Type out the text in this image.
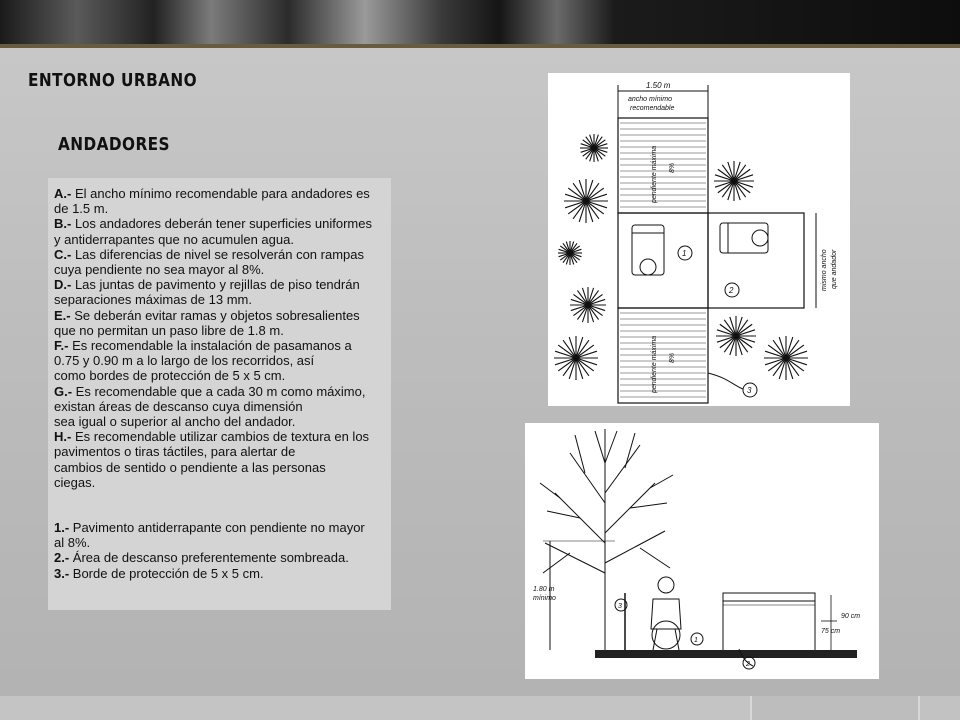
ENTORNO URBANO
ANDADORES

A.- El ancho mínimo recomendable para andadores es
de 1.5 m.

B.- Los andadores deberán tener superficies uniformes
y antiderrapantes que no acumulen agua.

C.- Las diferencias de nivel se resolverán con rampas
cuya pendiente no sea mayor al 8%.

D.- Las juntas de pavimento y rejillas de piso tendrán
separaciones máximas de 13 mm.

E.- Se deberán evitar ramas y objetos sobresalientes
que no permitan un paso libre de 1.8 m.

F.- Es recomendable la instalación de pasamanos a
0.75 y 0.90 m a lo largo de los recorridos, así
como bordes de protección de 5 x 5 cm.

G.- Es recomendable que a cada 30 m como máximo,
existan áreas de descanso cuya dimensión
sea igual o superior al ancho del andador.

H.- Es recomendable utilizar cambios de textura en los
pavimentos o tiras táctiles, para alertar de
cambios de sentido o pendiente a las personas
ciegas.

1.- Pavimento antiderrapante con pendiente no mayor
al 8%.

2.- Área de descanso preferentemente sombreada.

3.- Borde de protección de 5 x 5 cm.

1.50 m
ancho mínimo
recomendable
pendiente máxima 8%
1
2	mismo ancho que andador
pendiente máxima 8%
3
1.80 m
mínimo
3
1
2
90 cm
75 cm
